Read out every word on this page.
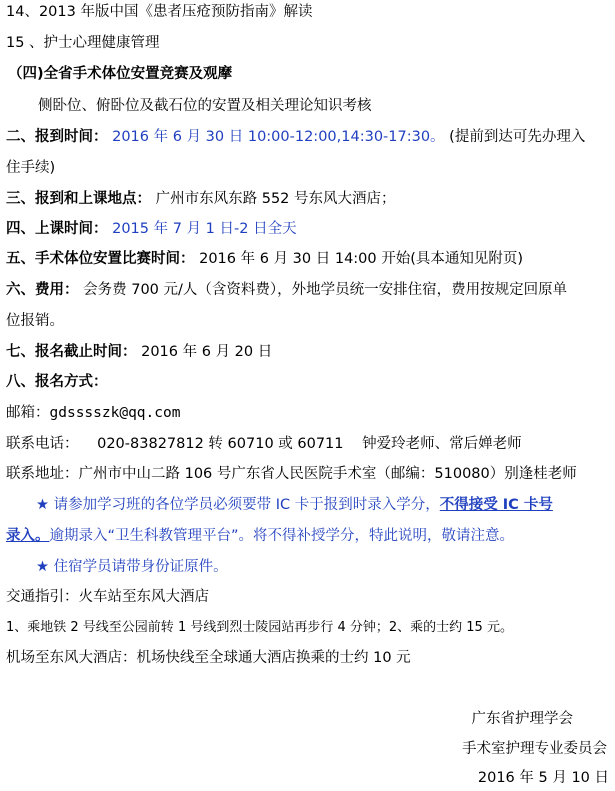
14、2013 年版中国《患者压疮预防指南》解读
15 、护士心理健康管理
（四)全省手术体位安置竞赛及观摩
侧卧位、俯卧位及截石位的安置及相关理论知识考核
二、报到时间： 2016 年 6 月 30 日 10:00-12:00,14:30-17:30。 (提前到达可先办理入
住手续)
三、报到和上课地点： 广州市东风东路 552 号东风大酒店；
四、上课时间： 2015 年 7 月 1 日-2 日全天
五、手术体位安置比赛时间： 2016 年 6 月 30 日 14:00 开始(具本通知见附页)
六、费用： 会务费 700 元/人（含资料费），外地学员统一安排住宿，费用按规定回原单
位报销。
七、报名截止时间： 2016 年 6 月 20 日
八、报名方式：
邮箱：gdsssszk@qq.com
联系电话： 020-83827812 转 60710 或 60711 钟爱玲老师、常后婵老师
联系地址：广州市中山二路 106 号广东省人民医院手术室（邮编：510080）别逢桂老师
★ 请参加学习班的各位学员必须要带 IC 卡于报到时录入学分，不得接受 IC 卡号
录入。逾期录入“卫生科教管理平台”。将不得补授学分，特此说明，敬请注意。
★ 住宿学员请带身份证原件。
交通指引：火车站至东风大酒店
1、乘地铁 2 号线至公园前转 1 号线到烈士陵园站再步行 4 分钟；2、乘的士约 15 元。
机场至东风大酒店：机场快线至全球通大酒店换乘的士约 10 元
广东省护理学会
手术室护理专业委员会
2016 年 5 月 10 日
